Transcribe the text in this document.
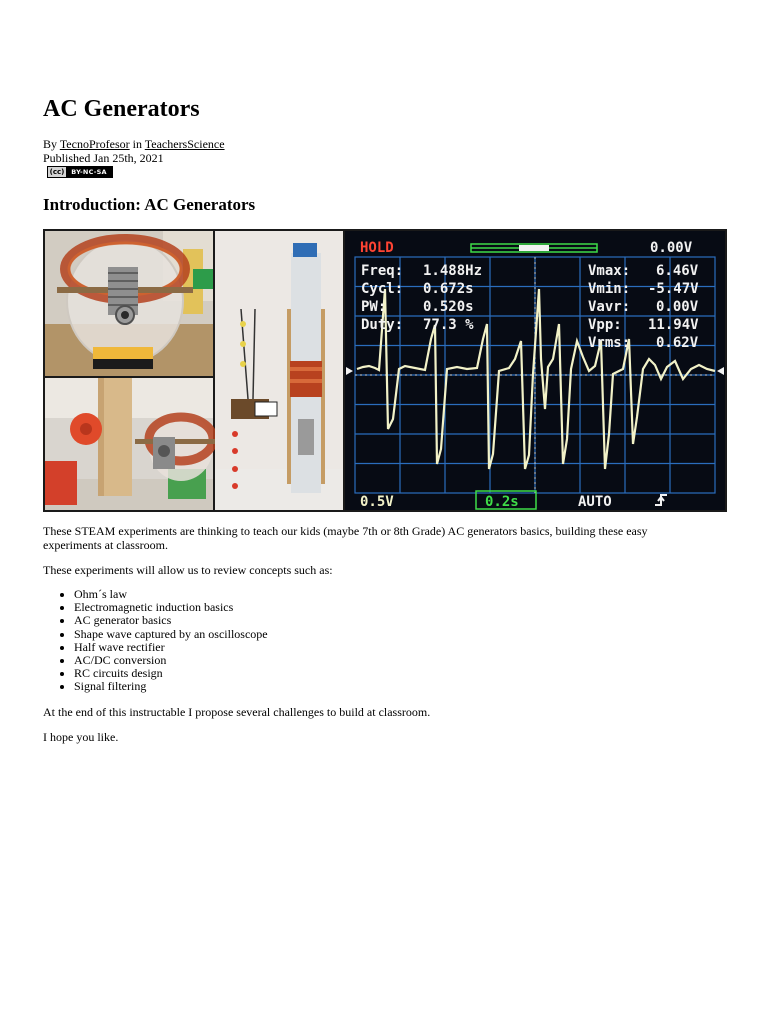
AC Generators
By TecnoProfesor in TeachersScience
Published Jan 25th, 2021
(cc)	BY-NC-SA
Introduction: AC Generators
HOLD	0.00V
Freq: 1.488Hz	Vmax: 6.46V
Cycl: 0.672s	Vmin: -5.47V
PW:	0.520s	Vavr: 0.00V
Duty: 77.3 %	Vpp: 11.94V
Vrms: 0.62V
0.5V	0.2s	AUTO

These STEAM experiments are thinking to teach our kids (maybe 7th or 8th Grade) AC generators basics, building these easy experiments at classroom.

These experiments will allow us to review concepts such as:

• Ohm´s law
• Electromagnetic induction basics
• AC generator basics
• Shape wave captured by an oscilloscope
• Half wave rectifier
• AC/DC conversion
• RC circuits design
• Signal filtering

At the end of this instructable I propose several challenges to build at classroom.

I hope you like.
